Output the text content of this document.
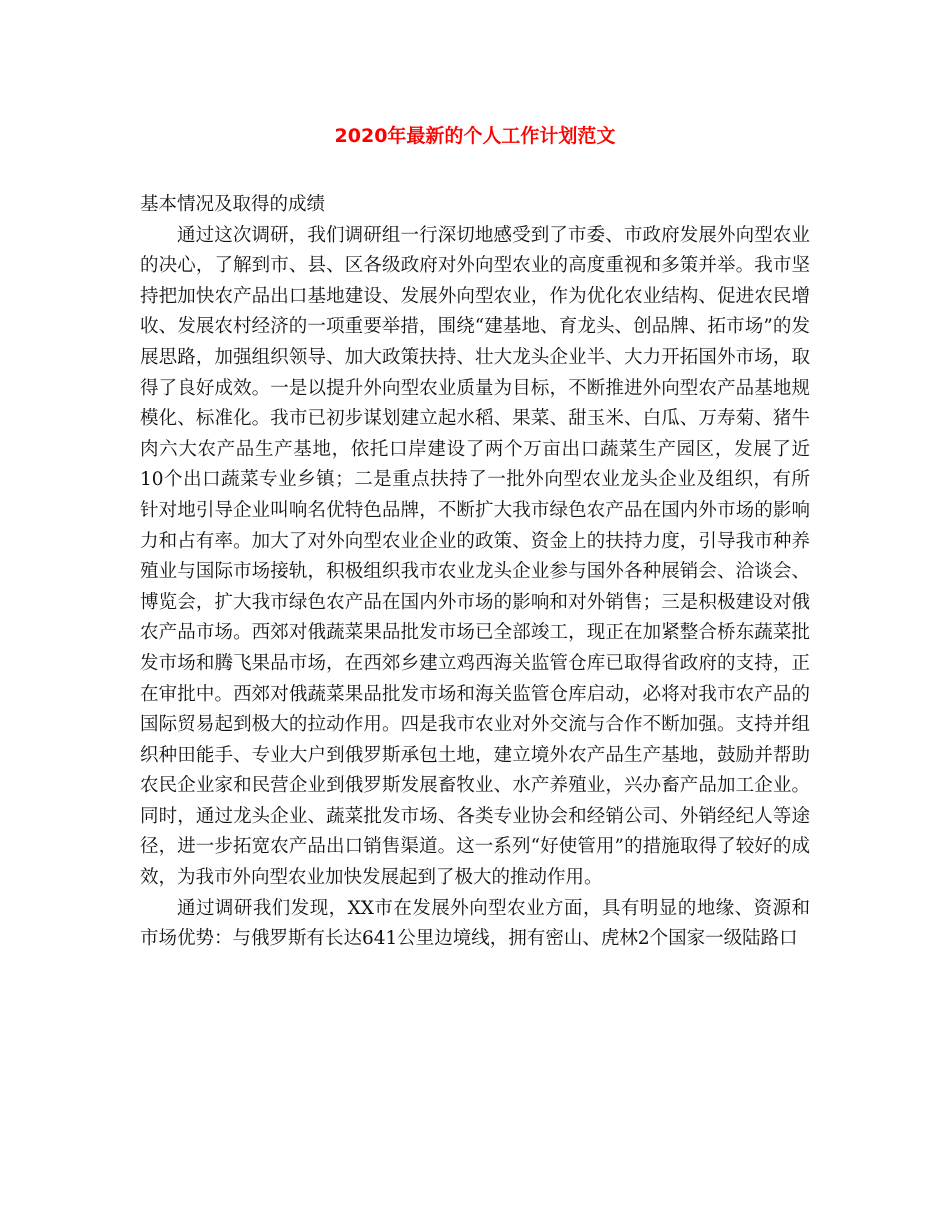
2020年最新的个人工作计划范文

基本情况及取得的成绩

通过这次调研，我们调研组一行深切地感受到了市委、市政府发展外向型农业的决心，了解到市、县、区各级政府对外向型农业的高度重视和多策并举。我市坚持把加快农产品出口基地建设、发展外向型农业，作为优化农业结构、促进农民增收、发展农村经济的一项重要举措，围绕“建基地、育龙头、创品牌、拓市场”的发展思路，加强组织领导、加大政策扶持、壮大龙头企业半、大力开拓国外市场，取得了良好成效。一是以提升外向型农业质量为目标，不断推进外向型农产品基地规模化、标准化。我市已初步谋划建立起水稻、果菜、甜玉米、白瓜、万寿菊、猪牛肉六大农产品生产基地，依托口岸建设了两个万亩出口蔬菜生产园区，发展了近10个出口蔬菜专业乡镇；二是重点扶持了一批外向型农业龙头企业及组织，有所针对地引导企业叫响名优特色品牌，不断扩大我市绿色农产品在国内外市场的影响力和占有率。加大了对外向型农业企业的政策、资金上的扶持力度，引导我市种养殖业与国际市场接轨，积极组织我市农业龙头企业参与国外各种展销会、洽谈会、博览会，扩大我市绿色农产品在国内外市场的影响和对外销售；三是积极建设对俄农产品市场。西郊对俄蔬菜果品批发市场已全部竣工，现正在加紧整合桥东蔬菜批发市场和腾飞果品市场，在西郊乡建立鸡西海关监管仓库已取得省政府的支持，正在审批中。西郊对俄蔬菜果品批发市场和海关监管仓库启动，必将对我市农产品的国际贸易起到极大的拉动作用。四是我市农业对外交流与合作不断加强。支持并组织种田能手、专业大户到俄罗斯承包土地，建立境外农产品生产基地，鼓励并帮助农民企业家和民营企业到俄罗斯发展畜牧业、水产养殖业，兴办畜产品加工企业。同时，通过龙头企业、蔬菜批发市场、各类专业协会和经销公司、外销经纪人等途径，进一步拓宽农产品出口销售渠道。这一系列“好使管用”的措施取得了较好的成效，为我市外向型农业加快发展起到了极大的推动作用。

通过调研我们发现，XX市在发展外向型农业方面，具有明显的地缘、资源和市场优势：与俄罗斯有长达641公里边境线，拥有密山、虎林2个国家一级陆路口
